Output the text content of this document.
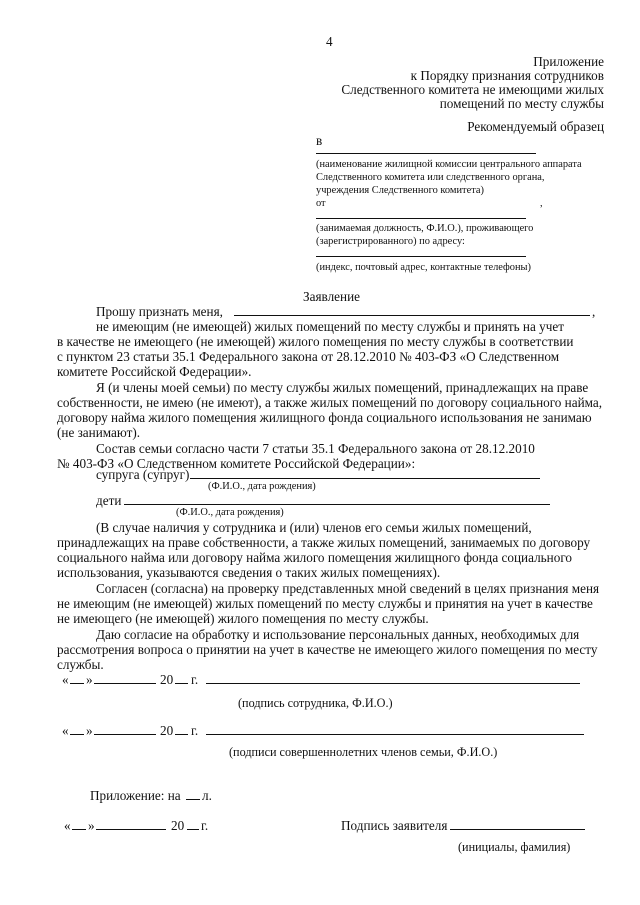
4
Приложение
к Порядку признания сотрудников
Следственного комитета не имеющими жилых
помещений по месту службы
Рекомендуемый образец
в
(наименование жилищной комиссии центрального аппарата
Следственного комитета или следственного органа,
учреждения Следственного комитета)
от	,
(занимаемая должность, Ф.И.О.), проживающего
(зарегистрированного) по адресу:
(индекс, почтовый адрес, контактные телефоны)
Заявление
Прошу признать меня,	,
не имеющим (не имеющей) жилых помещений по месту службы и принять на учет
в качестве не имеющего (не имеющей) жилого помещения по месту службы в соответствии
с пунктом 23 статьи 35.1 Федерального закона от 28.12.2010 № 403-ФЗ «О Следственном
комитете Российской Федерации».
Я (и члены моей семьи) по месту службы жилых помещений, принадлежащих на праве
собственности, не имею (не имеют), а также жилых помещений по договору социального найма,
договору найма жилого помещения жилищного фонда социального использования не занимаю
(не занимают).
Состав семьи согласно части 7 статьи 35.1 Федерального закона от 28.12.2010
№ 403-ФЗ «О Следственном комитете Российской Федерации»:
супруга (супруг)
(Ф.И.О., дата рождения)
дети
(Ф.И.О., дата рождения)
(В случае наличия у сотрудника и (или) членов его семьи жилых помещений,
принадлежащих на праве собственности, а также жилых помещений, занимаемых по договору
социального найма или договору найма жилого помещения жилищного фонда социального
использования, указываются сведения о таких жилых помещениях).
Согласен (согласна) на проверку представленных мной сведений в целях признания меня
не имеющим (не имеющей) жилых помещений по месту службы и принятия на учет в качестве
не имеющего (не имеющей) жилого помещения по месту службы.
Даю согласие на обработку и использование персональных данных, необходимых для
рассмотрения вопроса о принятии на учет в качестве не имеющего жилого помещения по месту
службы.
« »	20 г.
(подпись сотрудника, Ф.И.О.)
« »	20 г.
(подписи совершеннолетних членов семьи, Ф.И.О.)
Приложение: на л.
« »	20 г.	Подпись заявителя
(инициалы, фамилия)
